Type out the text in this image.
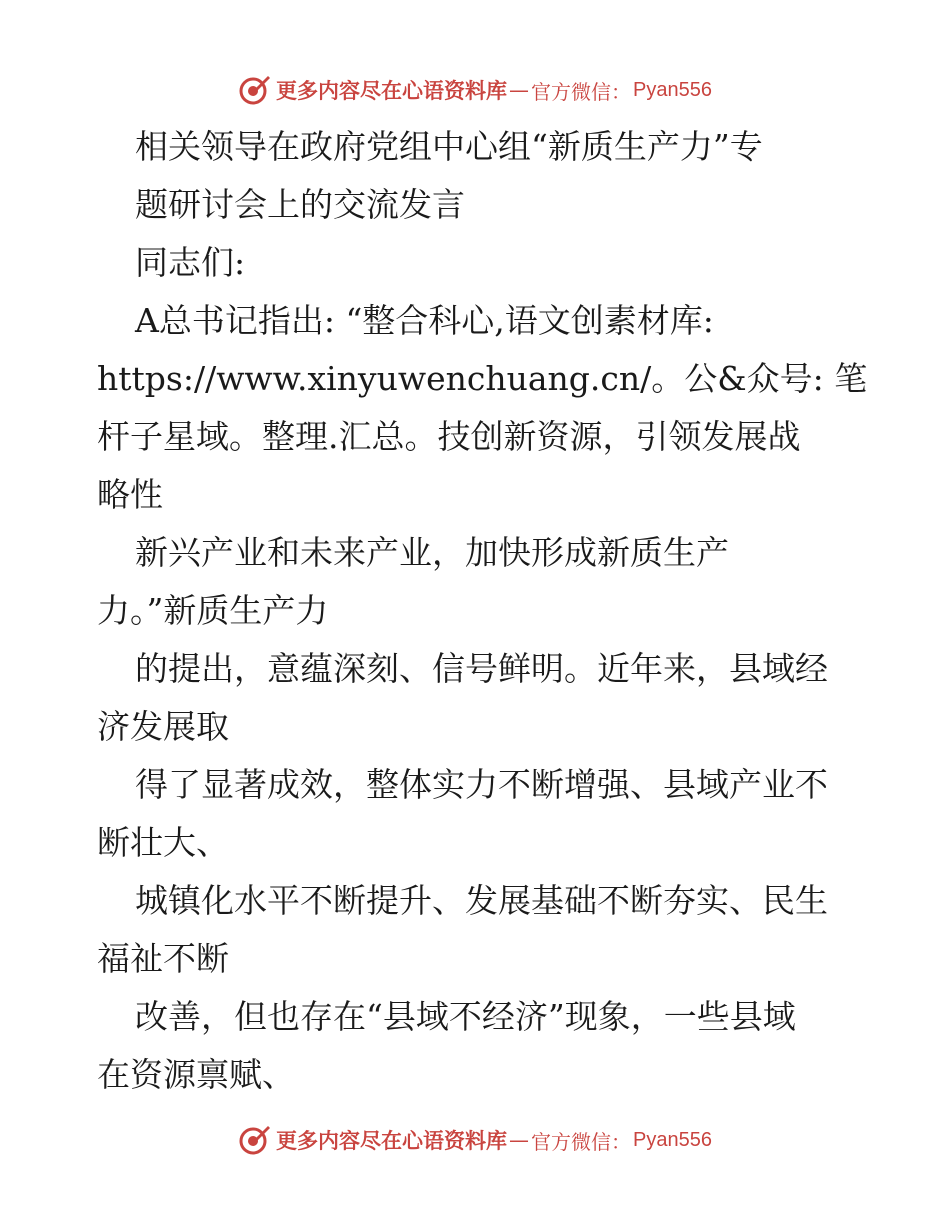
更多内容尽在心语资料库 — 官方微信： Pyan556
相关领导在政府党组中心组“新质生产力”专
题研讨会上的交流发言
同志们:
A总书记指出: “整合科心,语文创素材库:
https://www.xinyuwenchuang.cn/。公&众号: 笔
杆子星域。整理.汇总。技创新资源，引领发展战
略性
新兴产业和未来产业，加快形成新质生产
力。”新质生产力
的提出，意蕴深刻、信号鲜明。近年来，县域经
济发展取
得了显著成效，整体实力不断增强、县域产业不
断壮大、
城镇化水平不断提升、发展基础不断夯实、民生
福祉不断
改善，但也存在“县域不经济”现象，一些县域
在资源禀赋、
更多内容尽在心语资料库 — 官方微信： Pyan556
